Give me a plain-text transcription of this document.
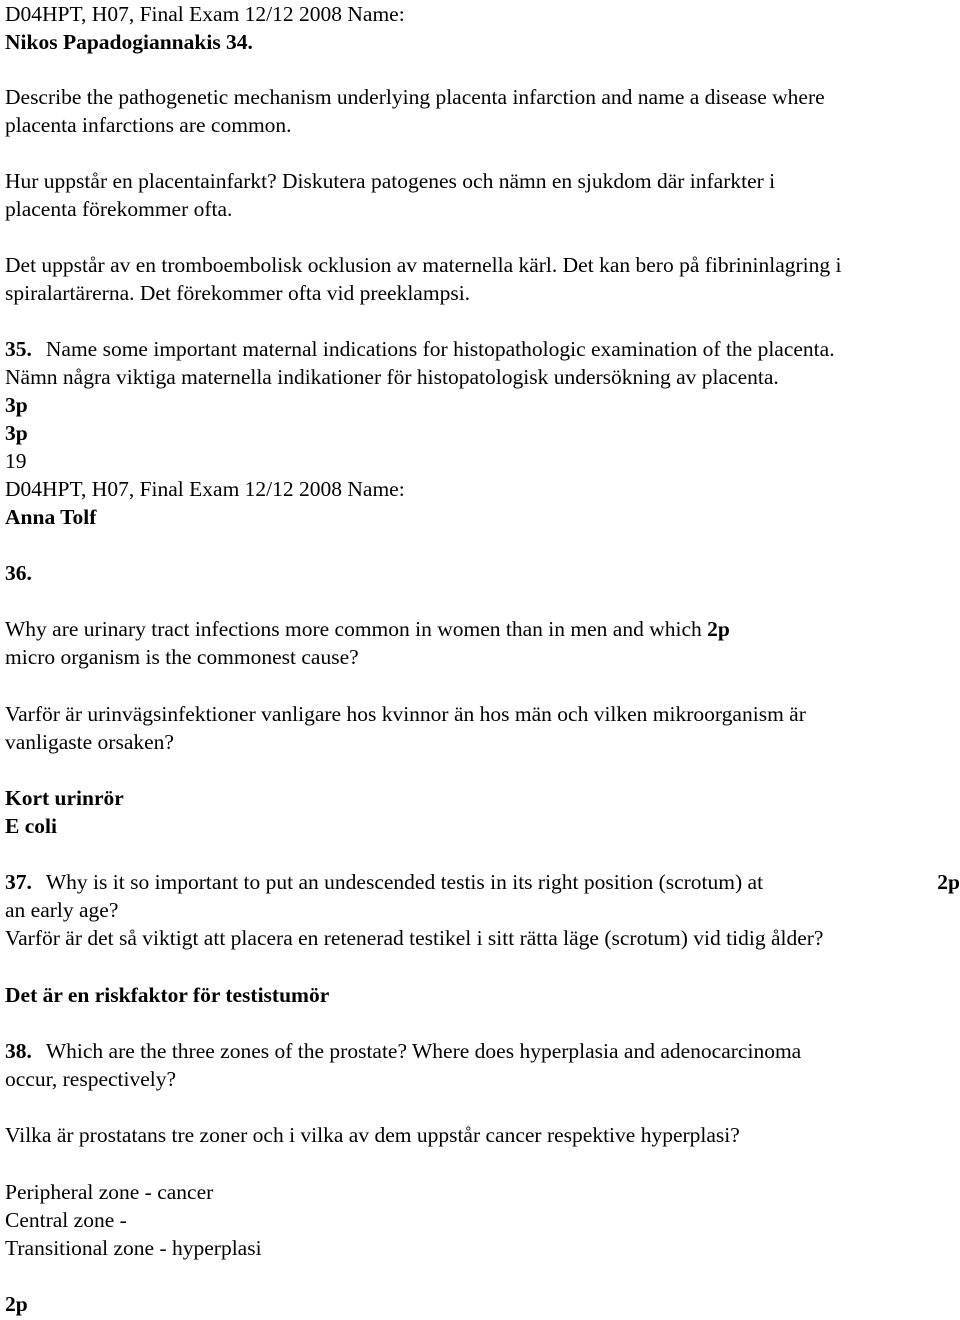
D04HPT, H07, Final Exam 12/12 2008 Name:
Nikos Papadogiannakis 34.
Describe the pathogenetic mechanism underlying placenta infarction and name a disease where
placenta infarctions are common.
Hur uppstår en placentainfarkt? Diskutera patogenes och nämn en sjukdom där infarkter i
placenta förekommer ofta.
Det uppstår av en tromboembolisk ocklusion av maternella kärl. Det kan bero på fibrininlagring i
spiralartärerna. Det förekommer ofta vid preeklampsi.
35. Name some important maternal indications for histopathologic examination of the placenta.
Nämn några viktiga maternella indikationer för histopatologisk undersökning av placenta.
3p
3p
19
D04HPT, H07, Final Exam 12/12 2008 Name:
Anna Tolf
36.
Why are urinary tract infections more common in women than in men and which 2p
micro organism is the commonest cause?
Varför är urinvägsinfektioner vanligare hos kvinnor än hos män och vilken mikroorganism är
vanligaste orsaken?
Kort urinrör
E coli
37. Why is it so important to put an undescended testis in its right position (scrotum) at	2p
an early age?
Varför är det så viktigt att placera en retenerad testikel i sitt rätta läge (scrotum) vid tidig ålder?
Det är en riskfaktor för testistumör
38. Which are the three zones of the prostate? Where does hyperplasia and adenocarcinoma
occur, respectively?
Vilka är prostatans tre zoner och i vilka av dem uppstår cancer respektive hyperplasi?
Peripheral zone - cancer
Central zone -
Transitional zone - hyperplasi
2p
